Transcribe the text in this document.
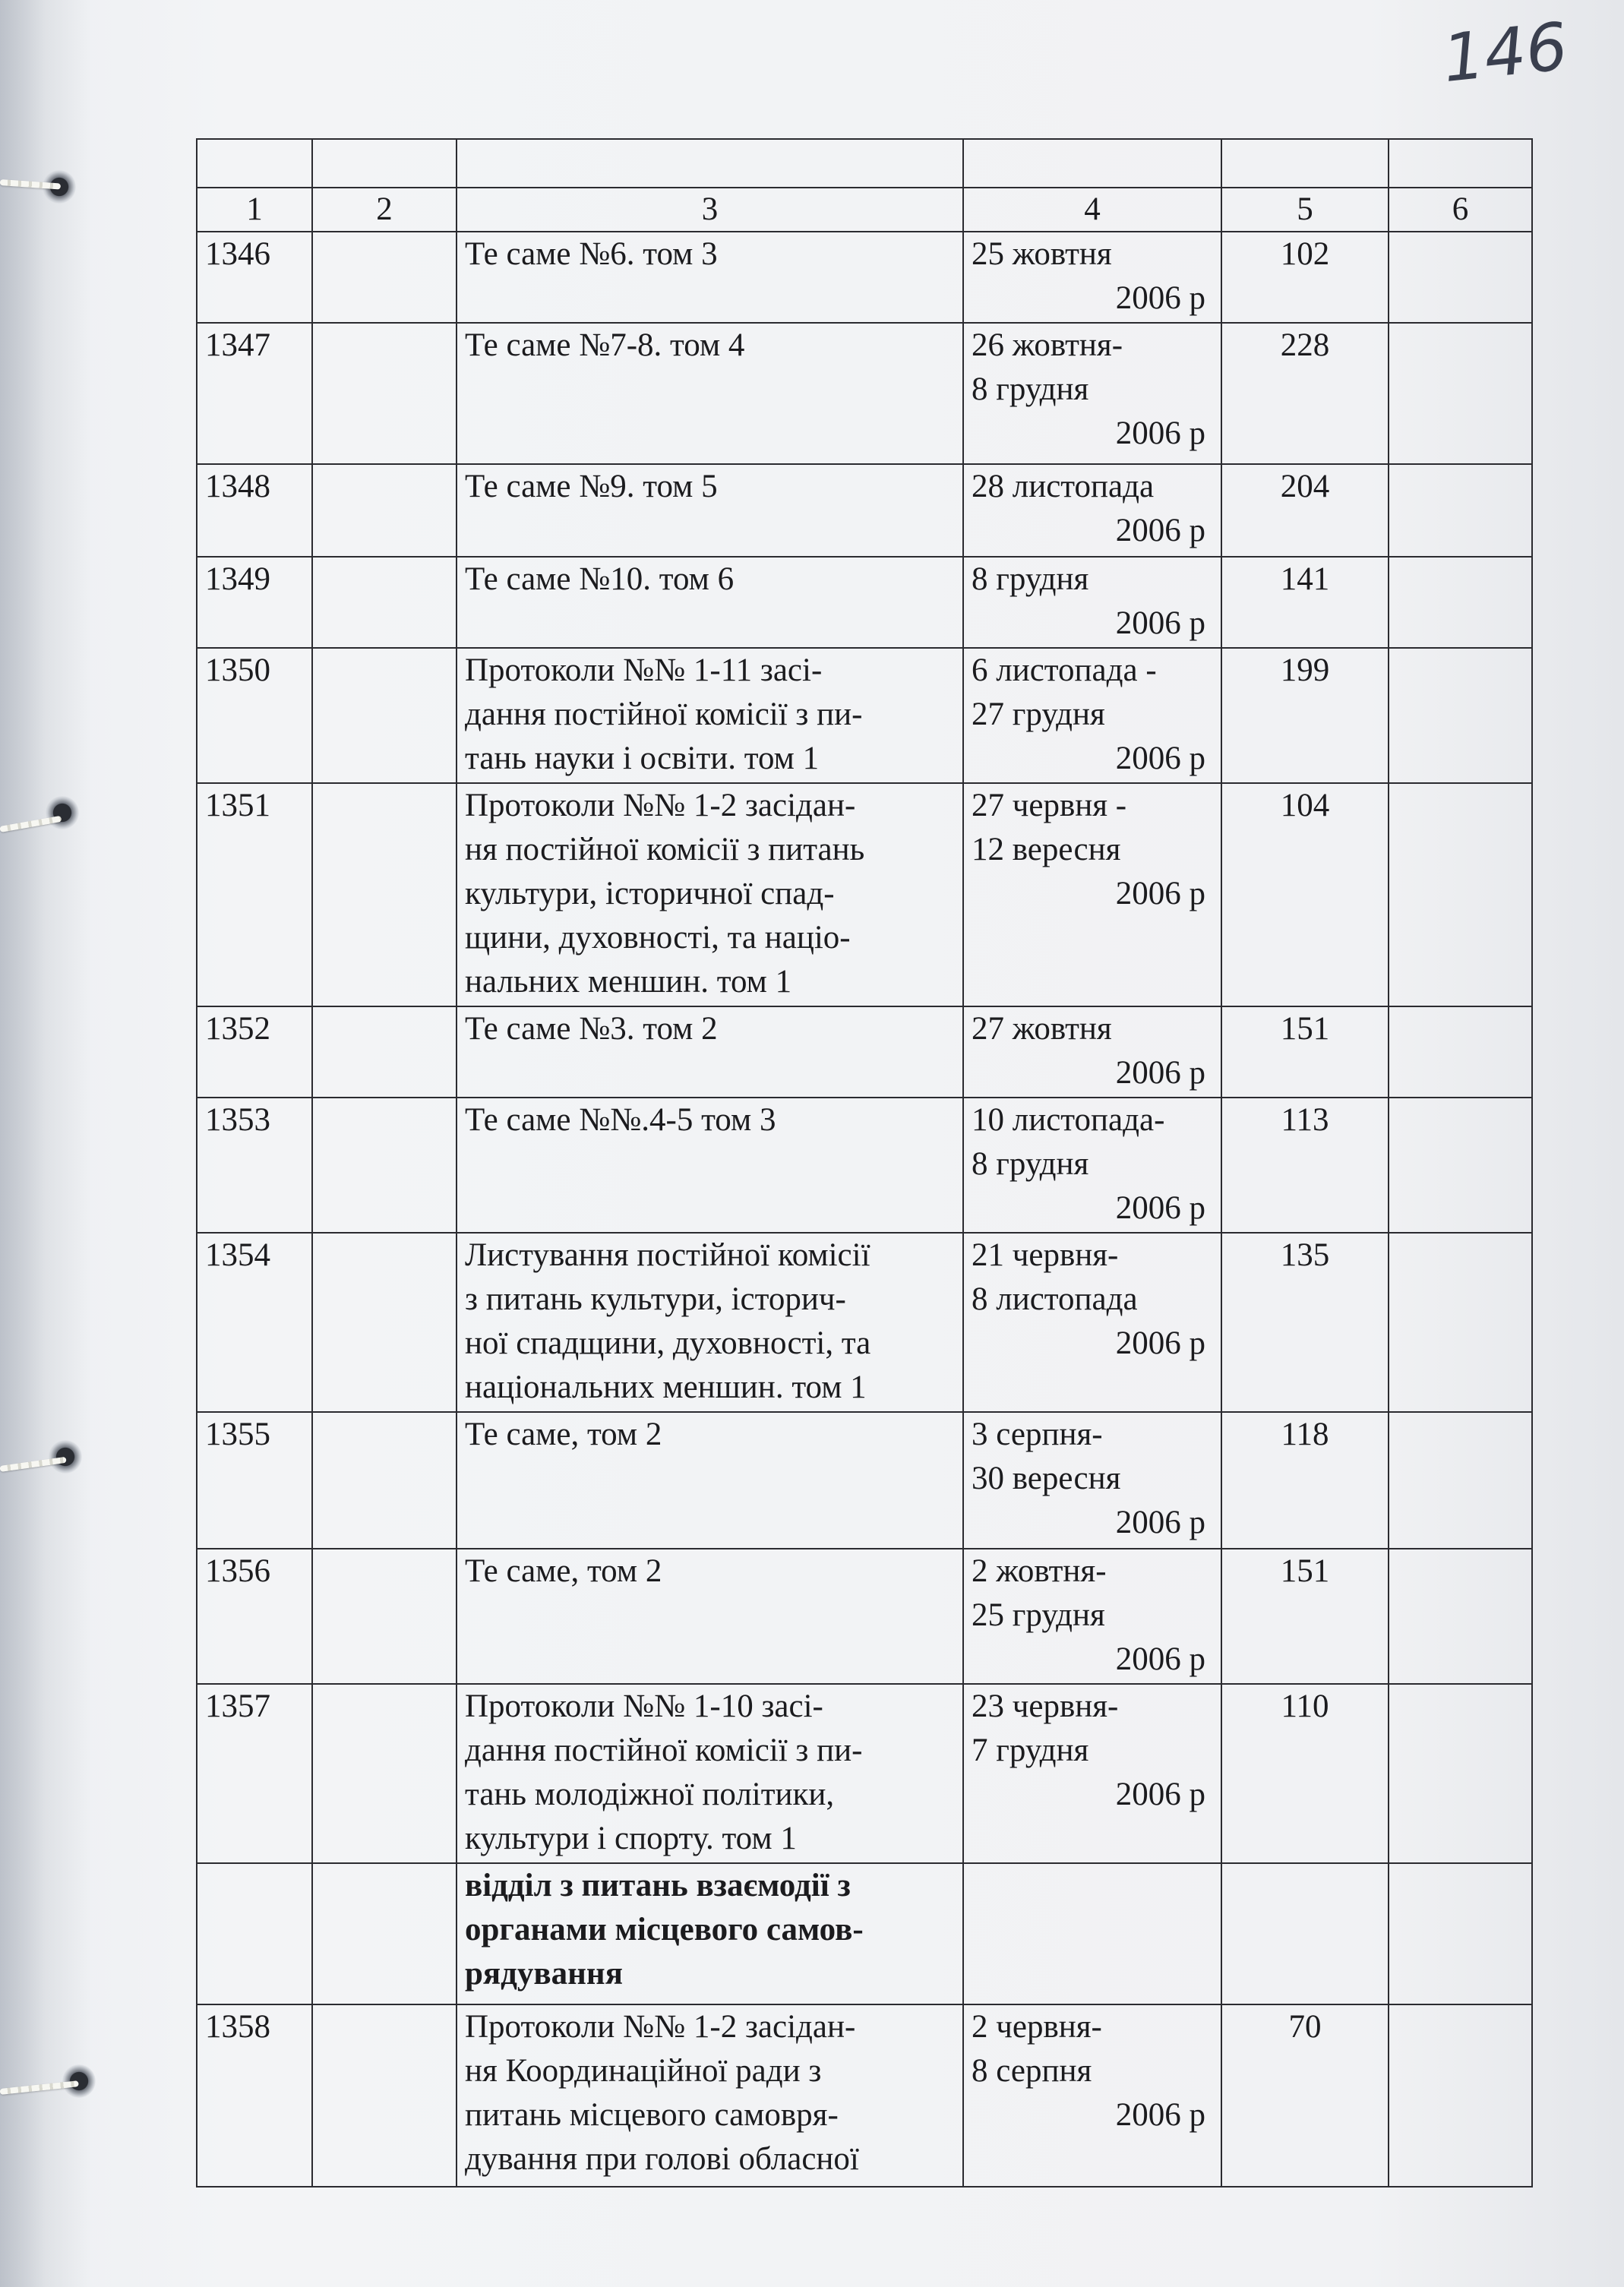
146

1	2	3	4	5	6
1346		Те саме №6. том 3	25 жовтня
2006 р	102	
1347		Те саме №7-8. том 4	26 жовтня-
8 грудня
2006 р	228	
1348		Те саме №9. том 5	28 листопада
2006 р	204	
1349		Те саме №10. том 6	8 грудня
2006 р	141	
1350		Протоколи №№ 1-11 засі-
дання постійної комісії з пи-
тань науки і освіти. том 1	6 листопада -
27 грудня
2006 р	199	
1351		Протоколи №№ 1-2 засідан-
ня постійної комісії з питань
культури, історичної спад-
щини, духовності, та націо-
нальних меншин. том 1	27 червня -
12 вересня
2006 р	104	
1352		Те саме №3. том 2	27 жовтня
2006 р	151	
1353		Те саме №№.4-5 том 3	10 листопада-
8 грудня
2006 р	113	
1354		Листування постійної комісії
з питань культури, історич-
ної спадщини, духовності, та
національних меншин. том 1	21 червня-
8 листопада
2006 р	135	
1355		Те саме, том 2	3 серпня-
30 вересня
2006 р	118	
1356		Те саме, том 2	2 жовтня-
25 грудня
2006 р	151	
1357		Протоколи №№ 1-10 засі-
дання постійної комісії з пи-
тань молодіжної політики,
культури і спорту. том 1	23 червня-
7 грудня
2006 р	110	
		відділ з питань взаємодії з
органами місцевого самов-
рядування			
1358		Протоколи №№ 1-2 засідан-
ня Координаційної ради з
питань місцевого самовря-
дування при голові обласної	2 червня-
8 серпня
2006 р	70	
